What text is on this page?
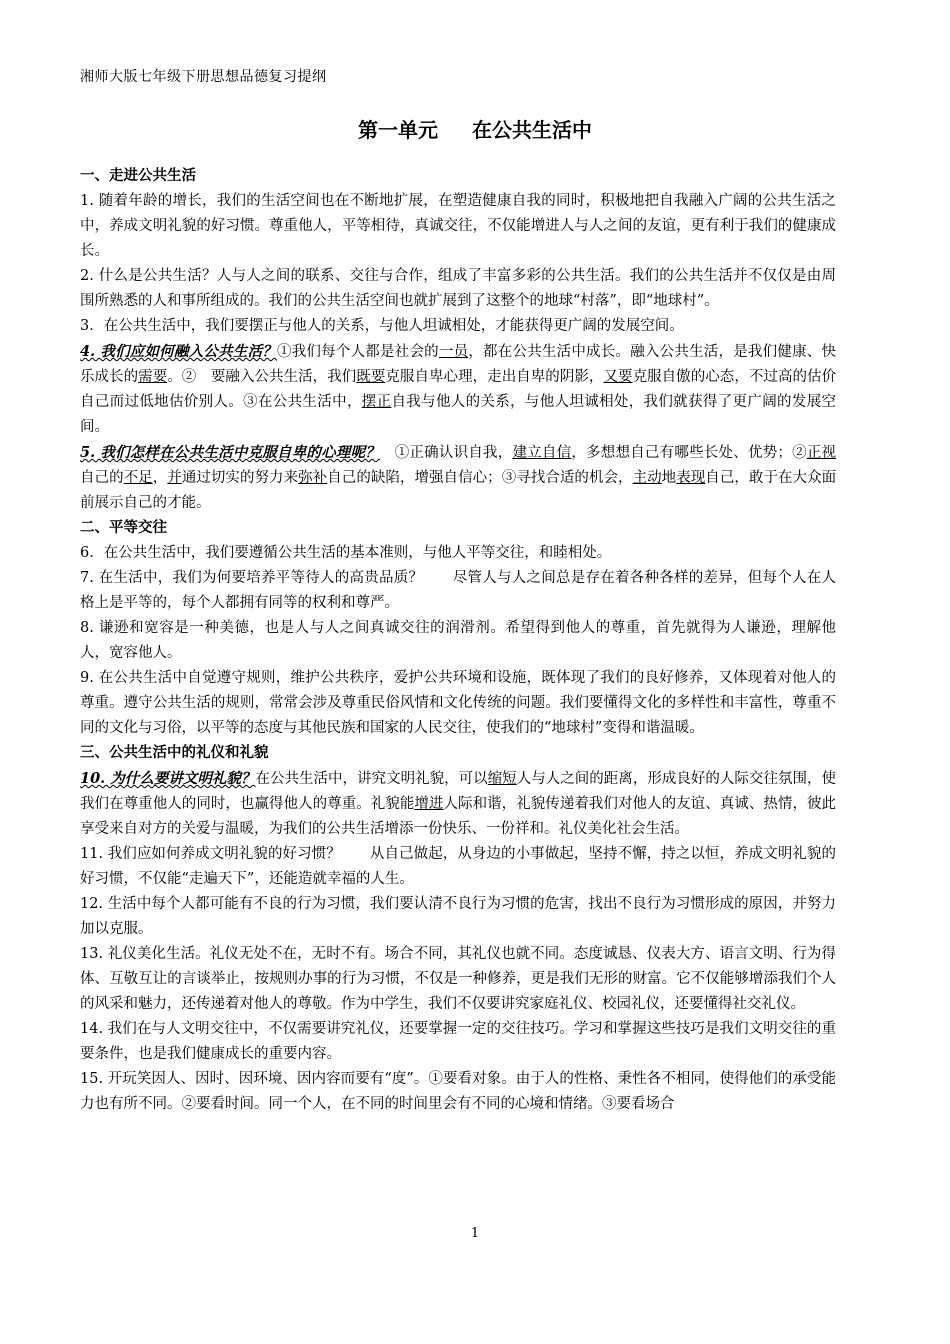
湘师大版七年级下册思想品德复习提纲
第一单元 在公共生活中
一、走进公共生活

1. 随着年龄的增长，我们的生活空间也在不断地扩展，在塑造健康自我的同时，积极地把自我融入广阔的公共生活之中，养成文明礼貌的好习惯。尊重他人，平等相待，真诚交往，不仅能增进人与人之间的友谊，更有利于我们的健康成长。

2. 什么是公共生活？人与人之间的联系、交往与合作，组成了丰富多彩的公共生活。我们的公共生活并不仅仅是由周围所熟悉的人和事所组成的。我们的公共生活空间也就扩展到了这整个的地球“村落”，即“地球村”。

3．在公共生活中，我们要摆正与他人的关系，与他人坦诚相处，才能获得更广阔的发展空间。

4. 我们应如何融入公共生活？①我们每个人都是社会的一员，都在公共生活中成长。融入公共生活，是我们健康、快乐成长的需要。②　要融入公共生活，我们既要克服自卑心理，走出自卑的阴影，又要克服自傲的心态，不过高的估价自己而过低地估价别人。③在公共生活中，摆正自我与他人的关系，与他人坦诚相处，我们就获得了更广阔的发展空间。

5. 我们怎样在公共生活中克服自卑的心理呢？　①正确认识自我，建立自信，多想想自己有哪些长处、优势；②正视自己的不足，并通过切实的努力来弥补自己的缺陷，增强自信心；③寻找合适的机会，主动地表现自己，敢于在大众面前展示自己的才能。

二、平等交往

6．在公共生活中，我们要遵循公共生活的基本准则，与他人平等交往，和睦相处。

7. 在生活中，我们为何要培养平等待人的高贵品质？　　尽管人与人之间总是存在着各种各样的差异，但每个人在人格上是平等的，每个人都拥有同等的权利和尊严。

8. 谦逊和宽容是一种美德，也是人与人之间真诚交往的润滑剂。希望得到他人的尊重，首先就得为人谦逊，理解他人，宽容他人。

9. 在公共生活中自觉遵守规则，维护公共秩序，爱护公共环境和设施，既体现了我们的良好修养，又体现着对他人的尊重。遵守公共生活的规则，常常会涉及尊重民俗风情和文化传统的问题。我们要懂得文化的多样性和丰富性，尊重不同的文化与习俗，以平等的态度与其他民族和国家的人民交往，使我们的“地球村”变得和谐温暖。

三、公共生活中的礼仪和礼貌

10. 为什么要讲文明礼貌？在公共生活中，讲究文明礼貌，可以缩短人与人之间的距离，形成良好的人际交往氛围，使我们在尊重他人的同时，也赢得他人的尊重。礼貌能增进人际和谐，礼貌传递着我们对他人的友谊、真诚、热情，彼此享受来自对方的关爱与温暖，为我们的公共生活增添一份快乐、一份祥和。礼仪美化社会生活。

11. 我们应如何养成文明礼貌的好习惯？　　从自己做起，从身边的小事做起，坚持不懈，持之以恒，养成文明礼貌的好习惯，不仅能“走遍天下”，还能造就幸福的人生。

12. 生活中每个人都可能有不良的行为习惯，我们要认清不良行为习惯的危害，找出不良行为习惯形成的原因，并努力加以克服。

13. 礼仪美化生活。礼仪无处不在，无时不有。场合不同，其礼仪也就不同。态度诚恳、仪表大方、语言文明、行为得体、互敬互让的言谈举止，按规则办事的行为习惯，不仅是一种修养，更是我们无形的财富。它不仅能够增添我们个人的风采和魅力，还传递着对他人的尊敬。作为中学生，我们不仅要讲究家庭礼仪、校园礼仪，还要懂得社交礼仪。

14. 我们在与人文明交往中，不仅需要讲究礼仪，还要掌握一定的交往技巧。学习和掌握这些技巧是我们文明交往的重要条件，也是我们健康成长的重要内容。

15. 开玩笑因人、因时、因环境、因内容而要有“度”。①要看对象。由于人的性格、秉性各不相同，使得他们的承受能力也有所不同。②要看时间。同一个人，在不同的时间里会有不同的心境和情绪。③要看场合

1
